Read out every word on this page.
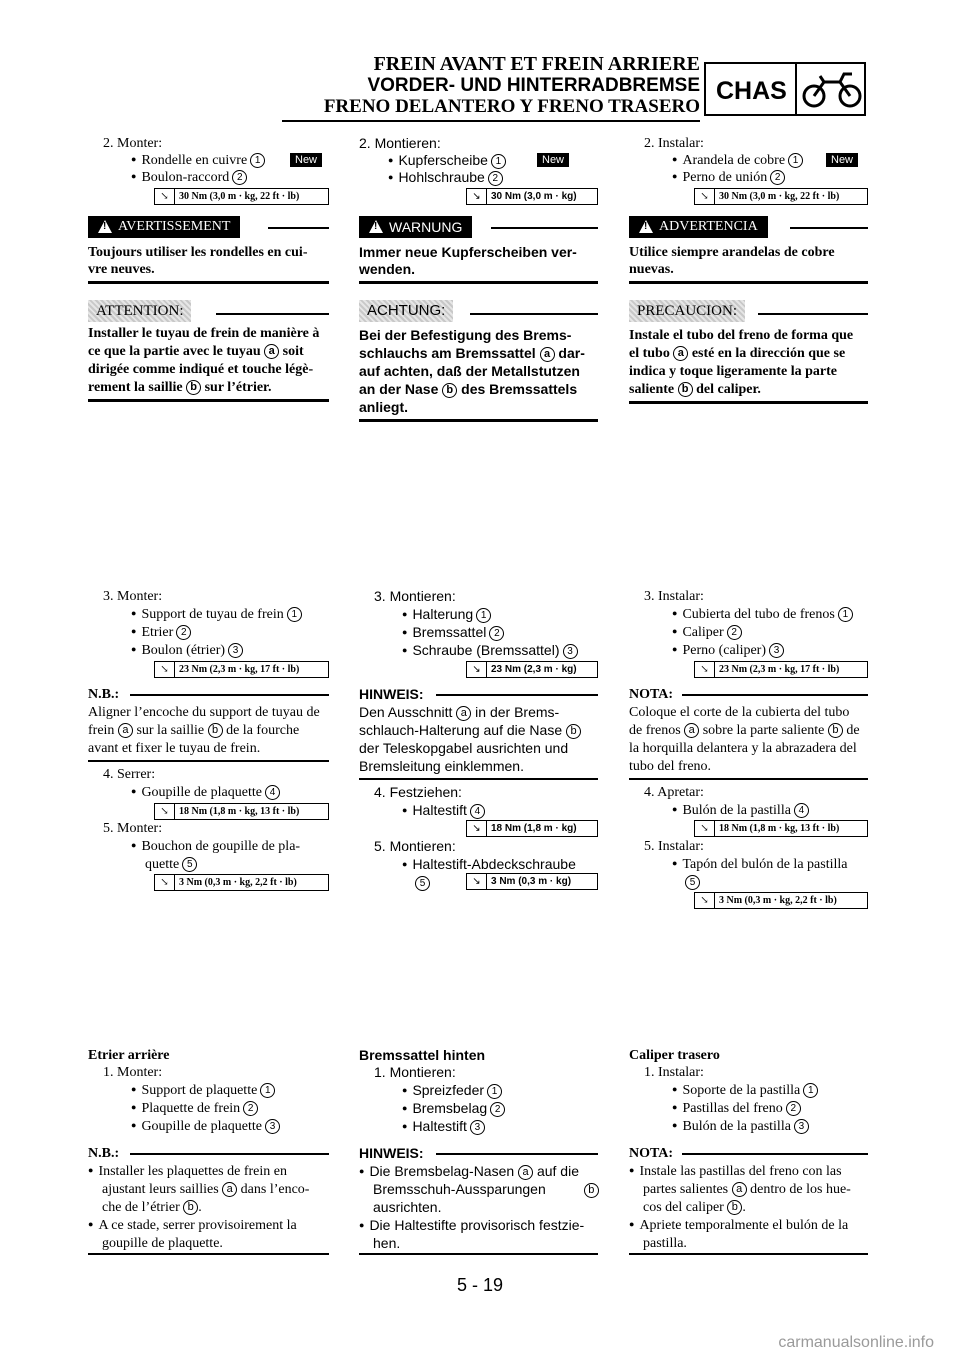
FREIN AVANT ET FREIN ARRIERE
VORDER- UND HINTERRADBREMSE
FRENO DELANTERO Y FRENO TRASERO
CHAS
2. Monter:
● Rondelle en cuivre 1	New
● Boulon-raccord 2
↘	30 Nm (3,0 m · kg, 22 ft · lb)
!
AVERTISSEMENT
Toujours utiliser les rondelles en cui-
vre neuves.
ATTENTION:
Installer le tuyau de frein de manière à
ce que la partie avec le tuyau a soit
dirigée comme indiqué et touche légè-
rement la saillie b sur l’étrier.
3. Monter:
● Support de tuyau de frein 1
● Etrier 2
● Boulon (étrier) 3
↘	23 Nm (2,3 m · kg, 17 ft · lb)
N.B.:
Aligner l’encoche du support de tuyau de
frein a sur la saillie b de la fourche
avant et fixer le tuyau de frein.
4. Serrer:
● Goupille de plaquette 4
↘	18 Nm (1,8 m · kg, 13 ft · lb)
5. Monter:
● Bouchon de goupille de pla-
quette 5
↘	3 Nm (0,3 m · kg, 2,2 ft · lb)
Etrier arrière
1. Monter:
● Support de plaquette 1
● Plaquette de frein 2
● Goupille de plaquette 3
N.B.:
● Installer les plaquettes de frein en
ajustant leurs saillies a dans l’enco-
che de l’étrier b .
● A ce stade, serrer provisoirement la
goupille de plaquette.
2. Montieren:
● Kupferscheibe 1	New
● Hohlschraube 2
↘	30 Nm (3,0 m · kg)
!
WARNUNG
Immer neue Kupferscheiben ver-
wenden.
ACHTUNG:
Bei der Befestigung des Brems-
schlauchs am Bremssattel a dar-
auf achten, daß der Metallstutzen
an der Nase b des Bremssattels
anliegt.
3. Montieren:
● Halterung 1
● Bremssattel 2
● Schraube (Bremssattel) 3
↘	23 Nm (2,3 m · kg)
HINWEIS:
Den Ausschnitt a in der Brems-
schlauch-Halterung auf die Nase b
der Teleskopgabel ausrichten und
Bremsleitung einklemmen.
4. Festziehen:
● Haltestift 4
↘	18 Nm (1,8 m · kg)
5. Montieren:
● Haltestift-Abdeckschraube
5	↘	3 Nm (0,3 m · kg)
Bremssattel hinten
1. Montieren:
● Spreizfeder 1
● Bremsbelag 2
● Haltestift 3
HINWEIS:
● Die Bremsbelag-Nasen a auf die
Bremsschuh-Aussparungen	b
ausrichten.
● Die Haltestifte provisorisch festzie-
hen.
2. Instalar:
● Arandela de cobre 1	New
● Perno de unión 2
↘	30 Nm (3,0 m · kg, 22 ft · lb)
!
ADVERTENCIA
Utilice siempre arandelas de cobre
nuevas.
PRECAUCION:
Instale el tubo del freno de forma que
el tubo a esté en la dirección que se
indica y toque ligeramente la parte
saliente b del caliper.
3. Instalar:
● Cubierta del tubo de frenos 1
● Caliper 2
● Perno (caliper) 3
↘	23 Nm (2,3 m · kg, 17 ft · lb)
NOTA:
Coloque el corte de la cubierta del tubo
de frenos a sobre la parte saliente b de
la horquilla delantera y la abrazadera del
tubo del freno.
4. Apretar:
● Bulón de la pastilla 4
↘	18 Nm (1,8 m · kg, 13 ft · lb)
5. Instalar:
● Tapón del bulón de la pastilla
5
↘	3 Nm (0,3 m · kg, 2,2 ft · lb)
Caliper trasero
1. Instalar:
● Soporte de la pastilla 1
● Pastillas del freno 2
● Bulón de la pastilla 3
NOTA:
● Instale las pastillas del freno con las
partes salientes a dentro de los hue-
cos del caliper b .
● Apriete temporalmente el bulón de la
pastilla.
5 - 19
carmanualsonline.info
